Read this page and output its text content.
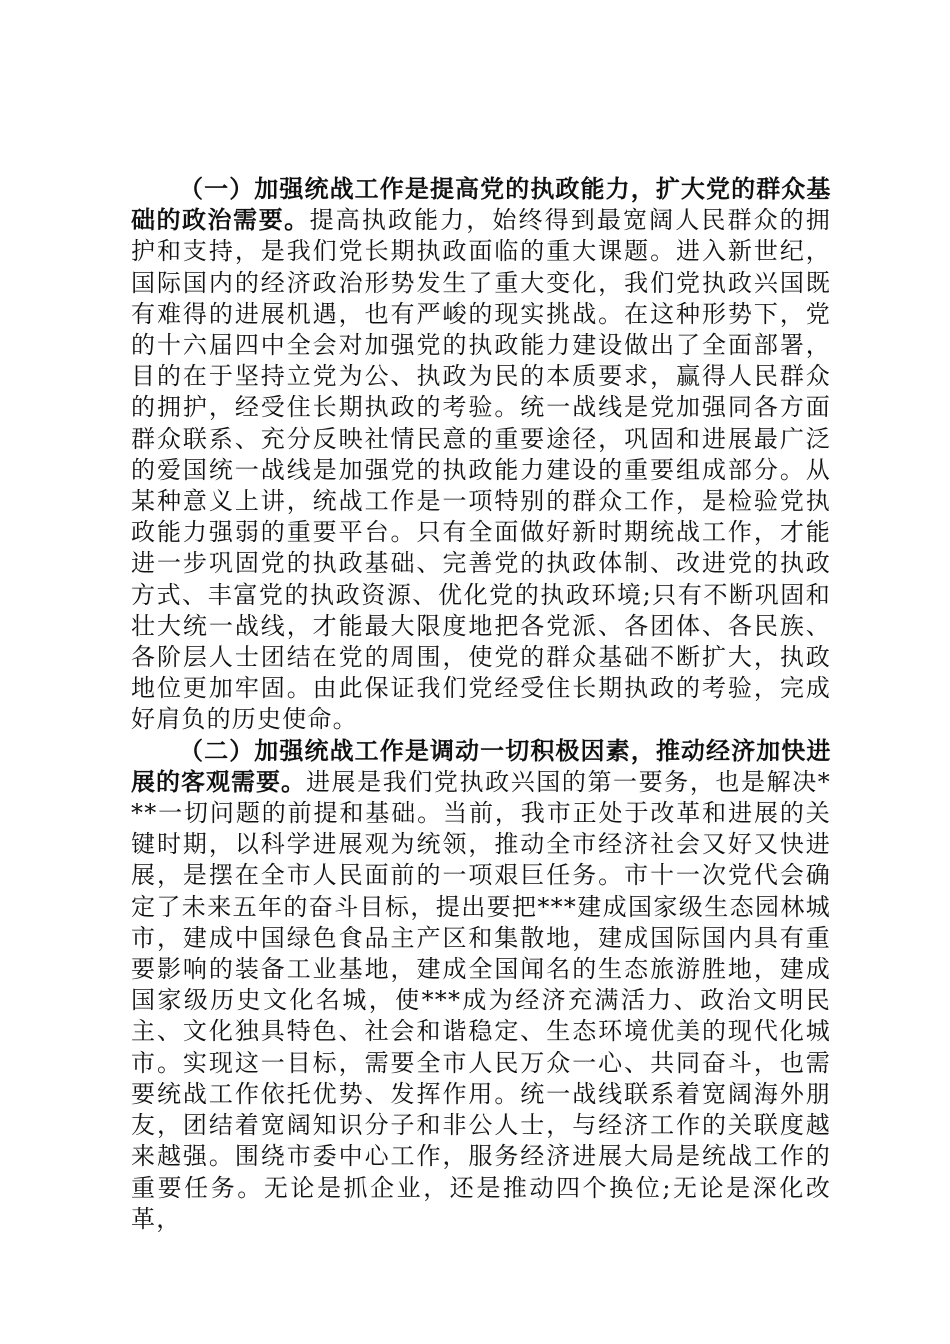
（一）加强统战工作是提高党的执政能力，扩大党的群众基础的政治需要。提高执政能力，始终得到最宽阔人民群众的拥护和支持，是我们党长期执政面临的重大课题。进入新世纪，国际国内的经济政治形势发生了重大变化，我们党执政兴国既有难得的进展机遇，也有严峻的现实挑战。在这种形势下，党的十六届四中全会对加强党的执政能力建设做出了全面部署，目的在于坚持立党为公、执政为民的本质要求，赢得人民群众的拥护，经受住长期执政的考验。统一战线是党加强同各方面群众联系、充分反映社情民意的重要途径，巩固和进展最广泛的爱国统一战线是加强党的执政能力建设的重要组成部分。从某种意义上讲，统战工作是一项特别的群众工作，是检验党执政能力强弱的重要平台。只有全面做好新时期统战工作，才能进一步巩固党的执政基础、完善党的执政体制、改进党的执政方式、丰富党的执政资源、优化党的执政环境;只有不断巩固和壮大统一战线，才能最大限度地把各党派、各团体、各民族、各阶层人士团结在党的周围，使党的群众基础不断扩大，执政地位更加牢固。由此保证我们党经受住长期执政的考验，完成好肩负的历史使命。

（二）加强统战工作是调动一切积极因素，推动经济加快进展的客观需要。进展是我们党执政兴国的第一要务，也是解决***一切问题的前提和基础。当前，我市正处于改革和进展的关键时期，以科学进展观为统领，推动全市经济社会又好又快进展，是摆在全市人民面前的一项艰巨任务。市十一次党代会确定了未来五年的奋斗目标，提出要把***建成国家级生态园林城市，建成中国绿色食品主产区和集散地，建成国际国内具有重要影响的装备工业基地，建成全国闻名的生态旅游胜地，建成国家级历史文化名城，使***成为经济充满活力、政治文明民主、文化独具特色、社会和谐稳定、生态环境优美的现代化城市。实现这一目标，需要全市人民万众一心、共同奋斗，也需要统战工作依托优势、发挥作用。统一战线联系着宽阔海外朋友，团结着宽阔知识分子和非公人士，与经济工作的关联度越来越强。围绕市委中心工作，服务经济进展大局是统战工作的重要任务。无论是抓企业，还是推动四个换位;无论是深化改革，
